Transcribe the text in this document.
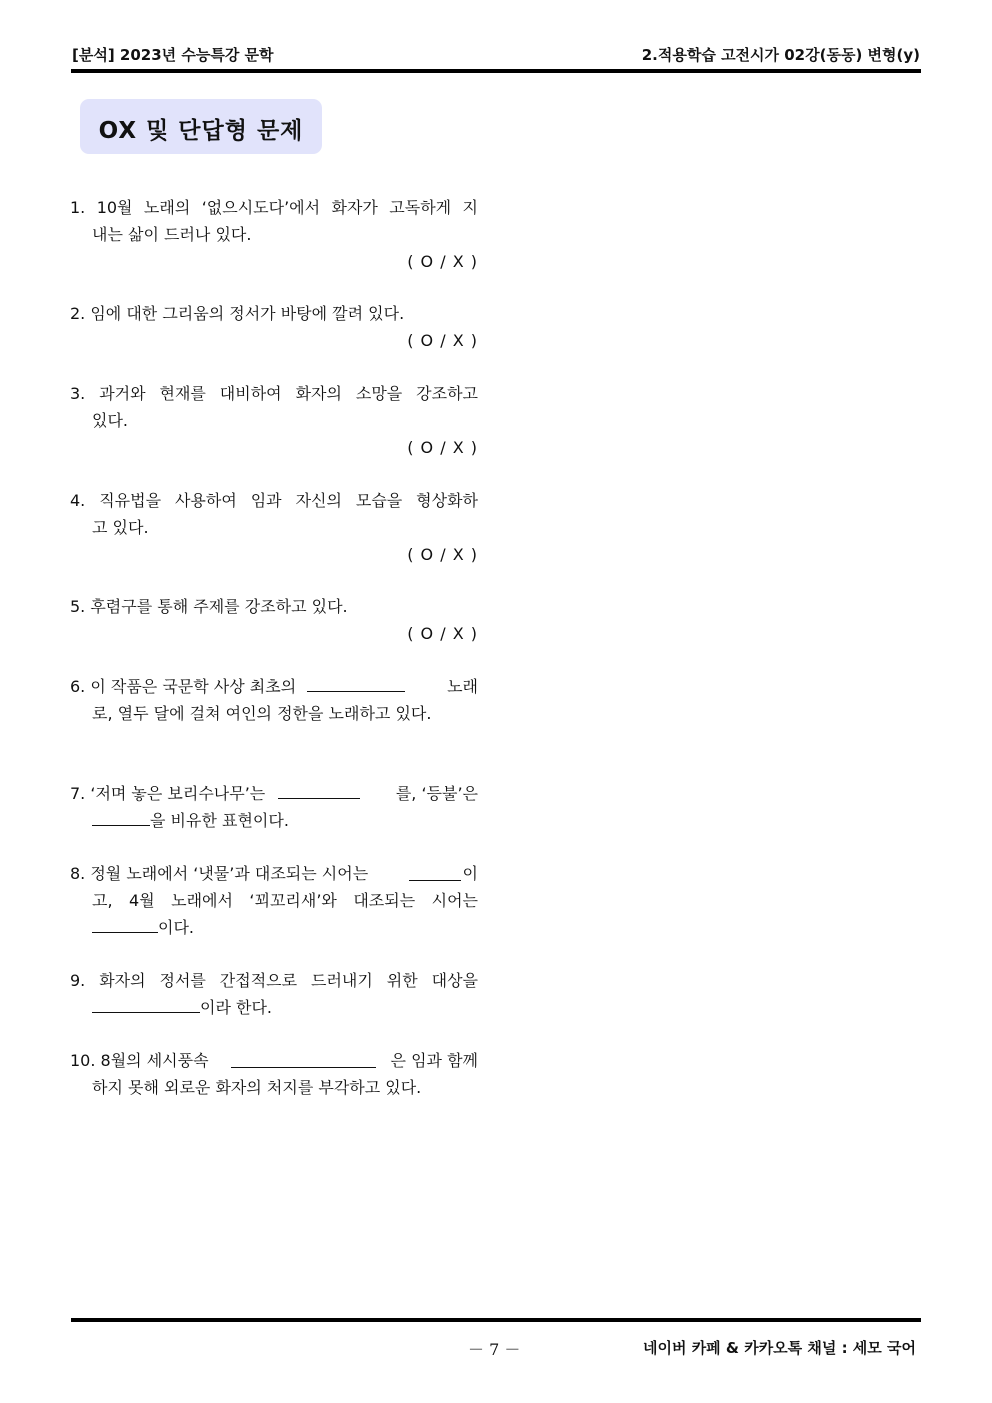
[분석] 2023년 수능특강 문학	2.적용학습 고전시가 02강(동동) 변형(y)
OX 및 단답형 문제
1. 10월 노래의 ‘없으시도다’에서 화자가 고독하게 지
내는 삶이 드러나 있다.
( O / X )
2. 임에 대한 그리움의 정서가 바탕에 깔려 있다.
( O / X )
3. 과거와 현재를 대비하여 화자의 소망을 강조하고
있다.
( O / X )
4. 직유법을 사용하여 임과 자신의 모습을 형상화하
고 있다.
( O / X )
5. 후렴구를 통해 주제를 강조하고 있다.
( O / X )
6. 이 작품은 국문학 사상 최초의	노래
로, 열두 달에 걸쳐 여인의 정한을 노래하고 있다.
7. ‘저며 놓은 보리수나무’는	를, ‘등불’은
을 비유한 표현이다.
8. 정월 노래에서 ‘냇물’과 대조되는 시어는	이
고, 4월 노래에서 ‘꾀꼬리새’와 대조되는 시어는
이다.
9. 화자의 정서를 간접적으로 드러내기 위한 대상을
이라 한다.
10. 8월의 세시풍속	은 임과 함께
하지 못해 외로운 화자의 처지를 부각하고 있다.
－ 7 －	네이버 카페 & 카카오톡 채널 : 세모 국어
